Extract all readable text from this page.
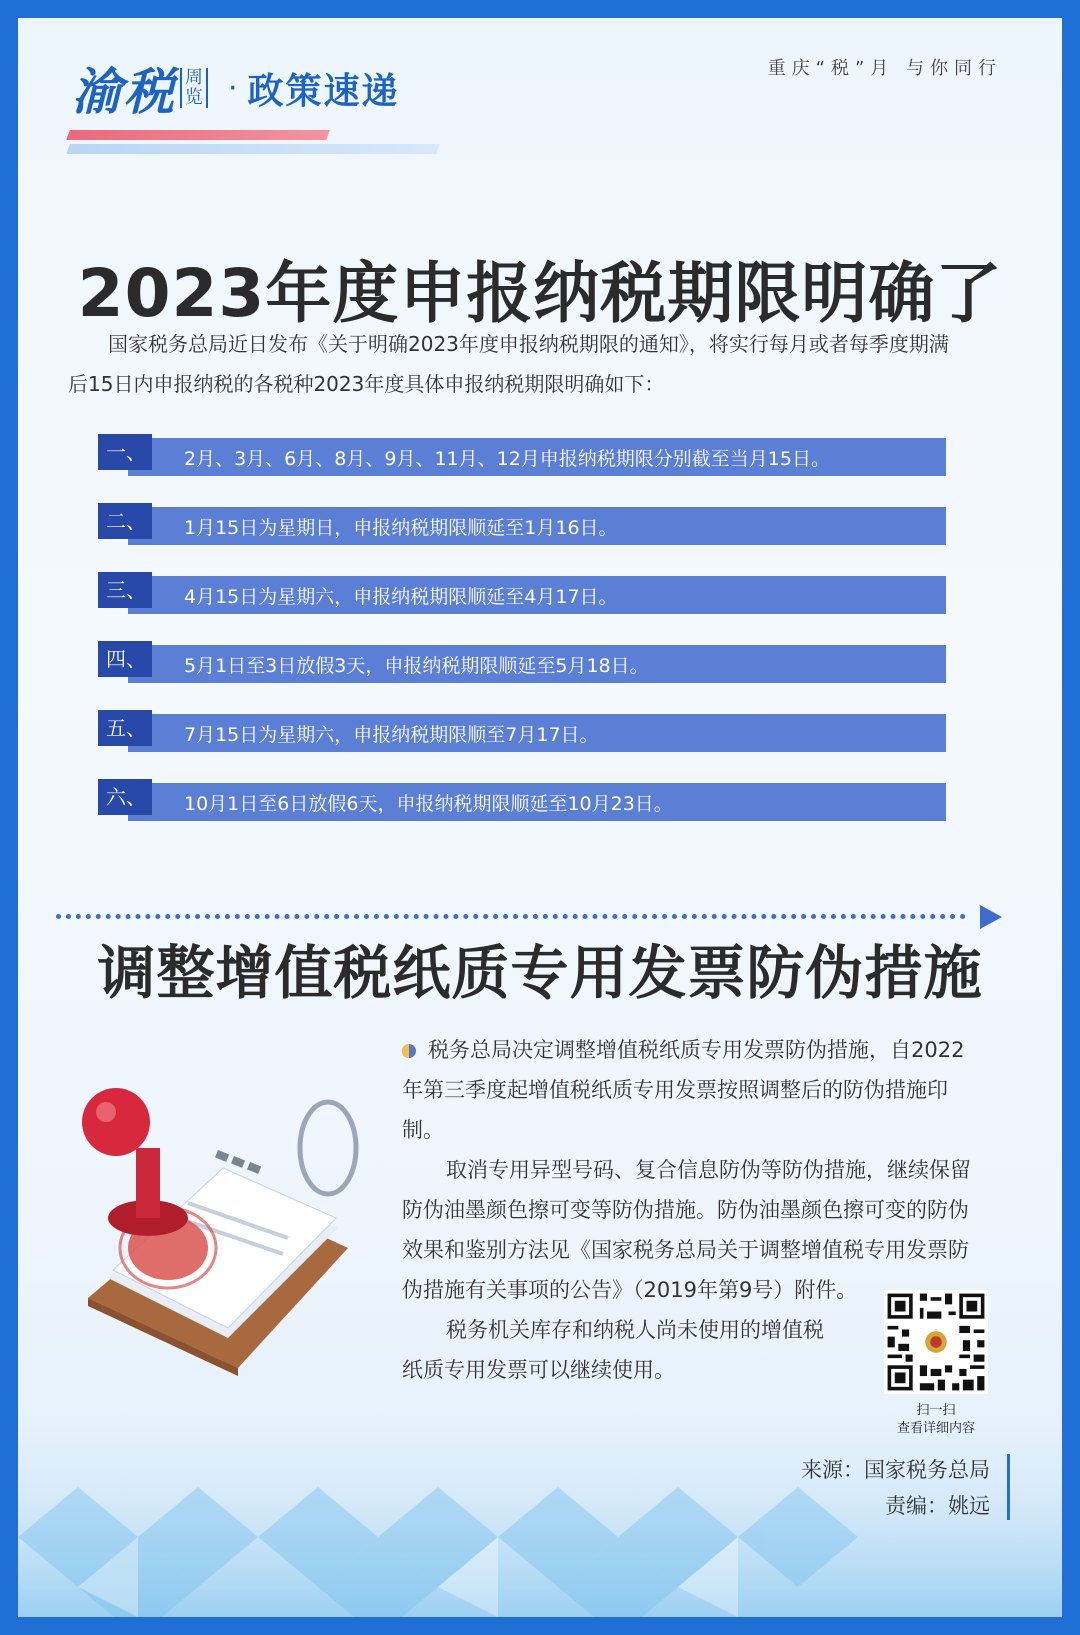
渝税 周
览 · 政策速递
重庆“税”月 与你同行
2023年度申报纳税期限明确了

国家税务总局近日发布《关于明确2023年度申报纳税期限的通知》，将实行每月或者每季度期满后15日内申报纳税的各税种2023年度具体申报纳税期限明确如下：

一、	2月、3月、6月、8月、9月、11月、12月申报纳税期限分别截至当月15日。
二、	1月15日为星期日，申报纳税期限顺延至1月16日。
三、	4月15日为星期六，申报纳税期限顺延至4月17日。
四、	5月1日至3日放假3天，申报纳税期限顺延至5月18日。
五、	7月15日为星期六，申报纳税期限顺至7月17日。
六、	10月1日至6日放假6天，申报纳税期限顺延至10月23日。
调整增值税纸质专用发票防伪措施

税务总局决定调整增值税纸质专用发票防伪措施，自2022年第三季度起增值税纸质专用发票按照调整后的防伪措施印制。

取消专用异型号码、复合信息防伪等防伪措施，继续保留防伪油墨颜色擦可变等防伪措施。防伪油墨颜色擦可变的防伪效果和鉴别方法见《国家税务总局关于调整增值税专用发票防伪措施有关事项的公告》（2019年第9号）附件。

税务机关库存和纳税人尚未使用的增值税纸质专用发票可以继续使用。

扫一扫
查看详细内容
来源：国家税务总局
责编：姚远
